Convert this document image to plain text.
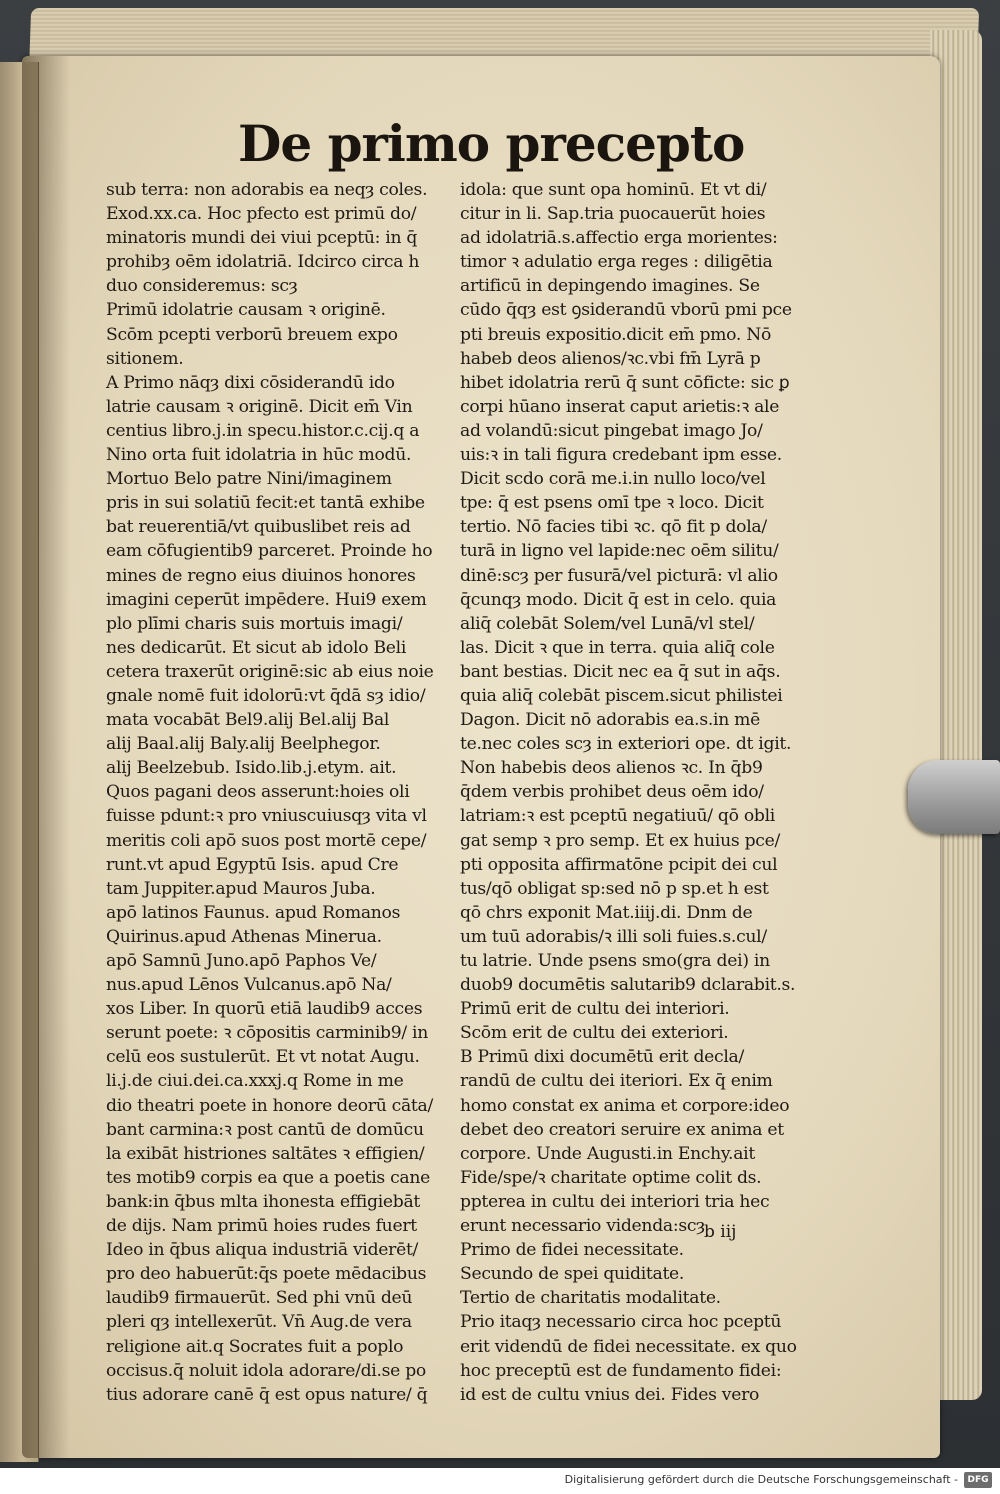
De primo precepto
sub terra: non adorabis ea neqȝ coles.
Exod.xx.ca. Hoc pfecto est primū do/
minatoris mundi dei viui pceptū: in q̄
prohibȝ oēm idolatriā. Idcirco circa h
duo consideremus: scȝ
Primū idolatrie causam ꝛ originē.
Scōm pcepti verborū breuem expo
sitionem.
A Primo nāqȝ dixi cōsiderandū ido
latrie causam ꝛ originē. Dicit em̄ Vin
centius libro.j.in specu.histor.c.cij.q a
Nino orta fuit idolatria in hūc modū.
Mortuo Belo patre Nini/imaginem
pris in sui solatiū fecit:et tantā exhibe
bat reuerentiā/vt quibuslibet reis ad
eam cōfugientib9 parceret. Proinde ho
mines de regno eius diuinos honores
imagini ceperūt impēdere. Hui9 exem
plo plīmi charis suis mortuis imagi/
nes dedicarūt. Et sicut ab idolo Beli
cetera traxerūt originē:sic ab eius noie
gnale nomē fuit idolorū:vt q̄dā sȝ idio/
mata vocabāt Bel9.alij Bel.alij Bal
alij Baal.alij Baly.alij Beelphegor.
alij Beelzebub. Isido.lib.j.etym. ait.
Quos pagani deos asserunt:hoies oli
fuisse pdunt:ꝛ pro vniuscuiusqȝ vita vl
meritis coli apō suos post mortē cepe/
runt.vt apud Egyptū Isis. apud Cre
tam Juppiter.apud Mauros Juba.
apō latinos Faunus. apud Romanos
Quirinus.apud Athenas Minerua.
apō Samnū Juno.apō Paphos Ve/
nus.apud Lēnos Vulcanus.apō Na/
xos Liber. In quorū etiā laudib9 acces
serunt poete: ꝛ cōpositis carminib9/ in
celū eos sustulerūt. Et vt notat Augu.
li.j.de ciui.dei.ca.xxxj.q Rome in me
dio theatri poete in honore deorū cāta/
bant carmina:ꝛ post cantū de domūcu
la exibāt histriones saltātes ꝛ effigien/
tes motib9 corpis ea que a poetis cane
bank:in q̄bus mlta ihonesta effigiebāt
de dijs. Nam primū hoies rudes fuert
Ideo in q̄bus aliqua industriā viderēt/
pro deo habuerūt:q̄s poete mēdacibus
laudib9 firmauerūt. Sed phi vnū deū
pleri qȝ intellexerūt. Vn̄ Aug.de vera
religione ait.q Socrates fuit a poplo
occisus.q̄ noluit idola adorare/di.se po
tius adorare canē q̄ est opus nature/ q̄
idola: que sunt opa hominū. Et vt di/
citur in li. Sap.tria puocauerūt hoies
ad idolatriā.s.affectio erga morientes:
timor ꝛ adulatio erga reges : diligētia
artificū in depingendo imagines. Se
cūdo q̄qȝ est ꝯsiderandū vborū pmi pce
pti breuis expositio.dicit em̄ pmo. Nō
habeb deos alienos/ꝛc.vbi fm̄ Lyrā p
hibet idolatria rerū q̄ sunt cōficte: sic ꝑ
corpi hūano inserat caput arietis:ꝛ ale
ad volandū:sicut pingebat imago Jo/
uis:ꝛ in tali figura credebant ipm esse.
Dicit scdo corā me.i.in nullo loco/vel
tpe: q̄ est psens omī tpe ꝛ loco. Dicit
tertio. Nō facies tibi ꝛc. qō fit p dola/
turā in ligno vel lapide:nec oēm silitu/
dinē:scȝ per fusurā/vel picturā: vl alio
q̄cunqȝ modo. Dicit q̄ est in celo. quia
aliq̄ colebāt Solem/vel Lunā/vl stel/
las. Dicit ꝛ que in terra. quia aliq̄ cole
bant bestias. Dicit nec ea q̄ sut in aq̄s.
quia aliq̄ colebāt piscem.sicut philistei
Dagon. Dicit nō adorabis ea.s.in mē
te.nec coles scȝ in exteriori ope. dt igit.
Non habebis deos alienos ꝛc. In q̄b9
q̄dem verbis prohibet deus oēm ido/
latriam:ꝛ est pceptū negatiuū/ qō obli
gat semp ꝛ pro semp. Et ex huius pce/
pti opposita affirmatōne pcipit dei cul
tus/qō obligat sp:sed nō p sp.et h est
qō chrs exponit Mat.iiij.di. Dnm de
um tuū adorabis/ꝛ illi soli fuies.s.cul/
tu latrie. Unde psens smo(gra dei) in
duob9 documētis salutarib9 dclarabit.s.
Primū erit de cultu dei interiori.
Scōm erit de cultu dei exteriori.
B Primū dixi documētū erit decla/
randū de cultu dei iteriori. Ex q̄ enim
homo constat ex anima et corpore:ideo
debet deo creatori seruire ex anima et
corpore. Unde Augusti.in Enchy.ait
Fide/spe/ꝛ charitate optime colit ds.
ppterea in cultu dei interiori tria hec
erunt necessario videnda:scȝ
Primo de fidei necessitate.
Secundo de spei quiditate.
Tertio de charitatis modalitate.
Prio itaqȝ necessario circa hoc pceptū
erit videndū de fidei necessitate. ex quo
hoc preceptū est de fundamento fidei:
id est de cultu vnius dei. Fides vero
b iij
Digitalisierung gefördert durch die Deutsche Forschungsgemeinschaft -	DFG
